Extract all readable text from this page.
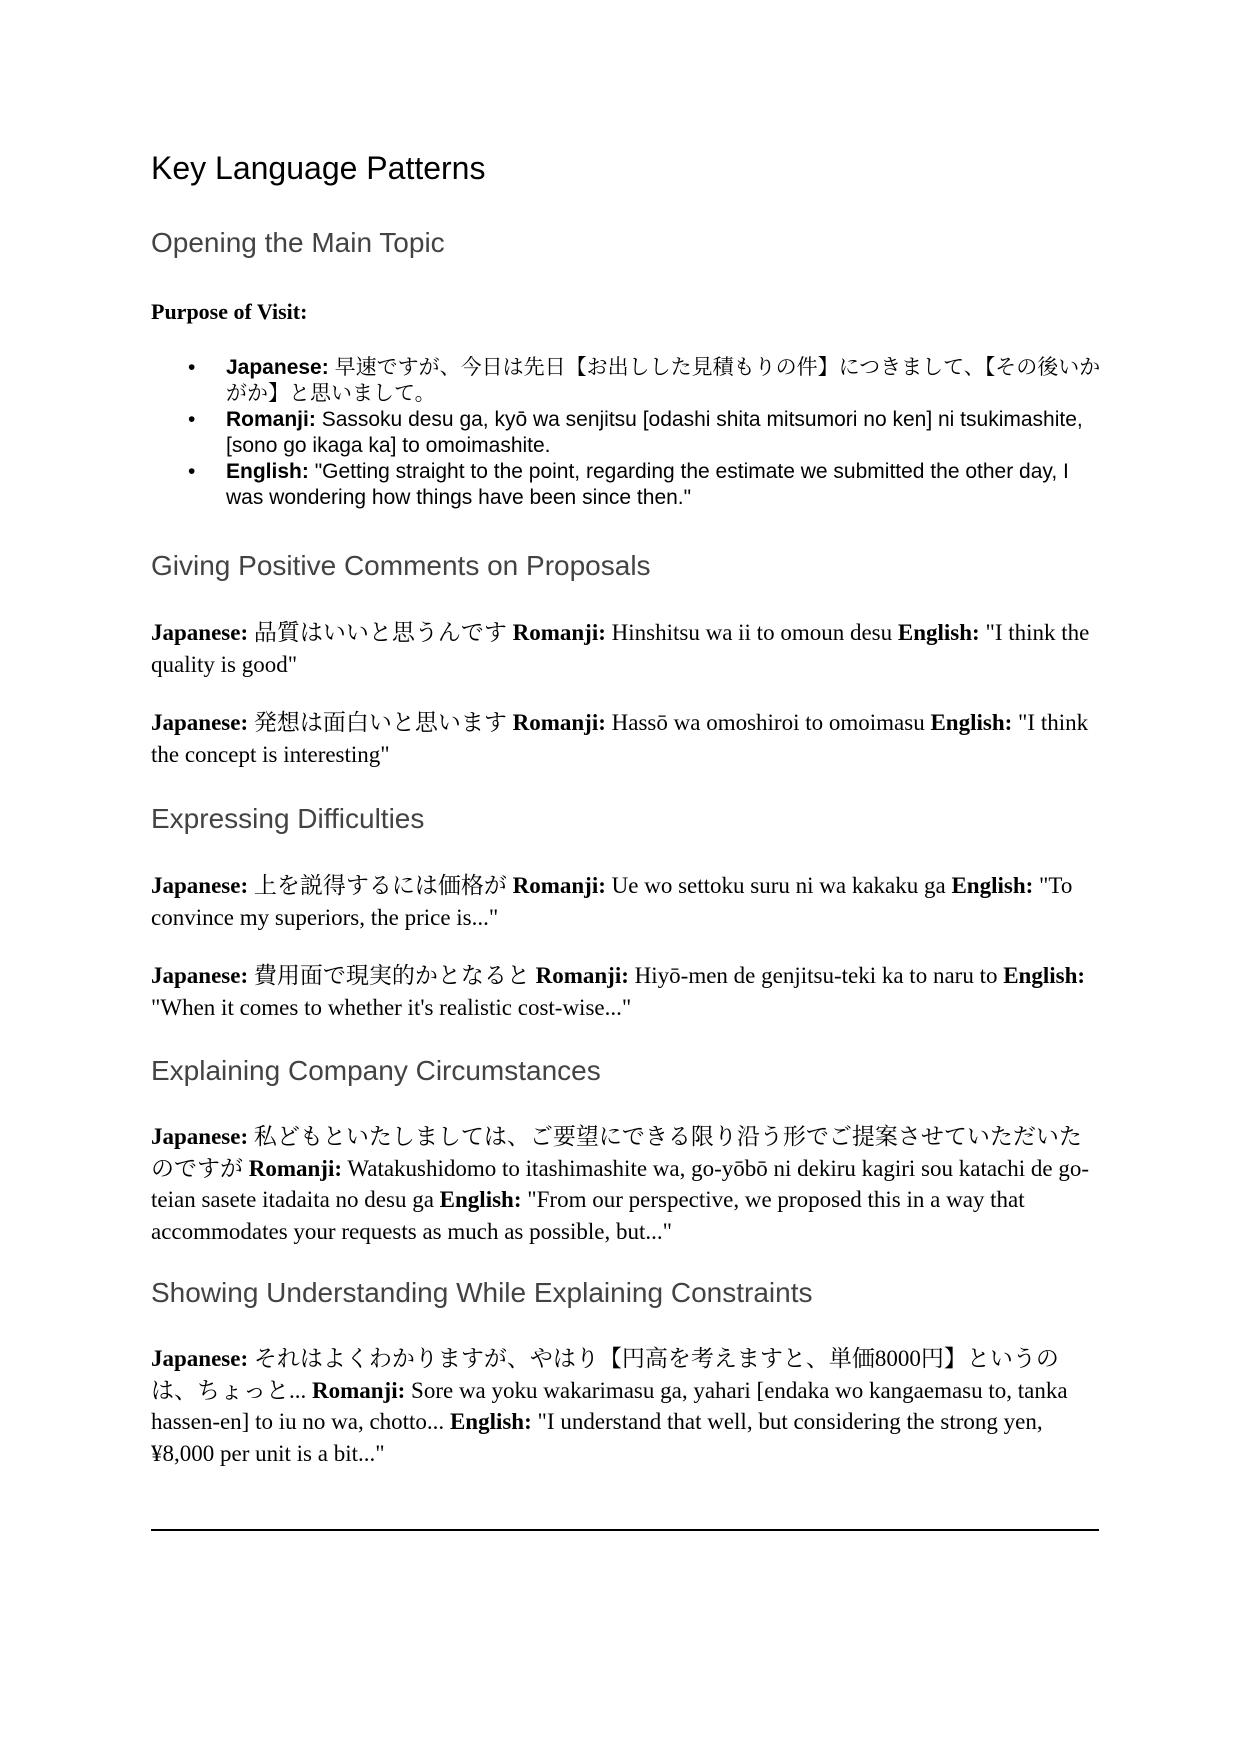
Key Language Patterns
Opening the Main Topic
Purpose of Visit:
• Japanese: 早速ですが、今日は先日【お出しした見積もりの件】につきまして、【その後いかがか】と思いまして。
• Romanji: Sassoku desu ga, kyō wa senjitsu [odashi shita mitsumori no ken] ni tsukimashite, [sono go ikaga ka] to omoimashite.
• English: "Getting straight to the point, regarding the estimate we submitted the other day, I was wondering how things have been since then."
Giving Positive Comments on Proposals

Japanese: 品質はいいと思うんです Romanji: Hinshitsu wa ii to omoun desu English: "I think the quality is good"

Japanese: 発想は面白いと思います Romanji: Hassō wa omoshiroi to omoimasu English: "I think the concept is interesting"

Expressing Difficulties

Japanese: 上を説得するには価格が Romanji: Ue wo settoku suru ni wa kakaku ga English: "To convince my superiors, the price is..."

Japanese: 費用面で現実的かとなると Romanji: Hiyō-men de genjitsu-teki ka to naru to English: "When it comes to whether it's realistic cost-wise..."

Explaining Company Circumstances

Japanese: 私どもといたしましては、ご要望にできる限り沿う形でご提案させていただいたのですが Romanji: Watakushidomo to itashimashite wa, go-yōbō ni dekiru kagiri sou katachi de go-teian sasete itadaita no desu ga English: "From our perspective, we proposed this in a way that accommodates your requests as much as possible, but..."

Showing Understanding While Explaining Constraints

Japanese: それはよくわかりますが、やはり【円高を考えますと、単価8000円】というのは、ちょっと... Romanji: Sore wa yoku wakarimasu ga, yahari [endaka wo kangaemasu to, tanka hassen-en] to iu no wa, chotto... English: "I understand that well, but considering the strong yen, ¥8,000 per unit is a bit..."
